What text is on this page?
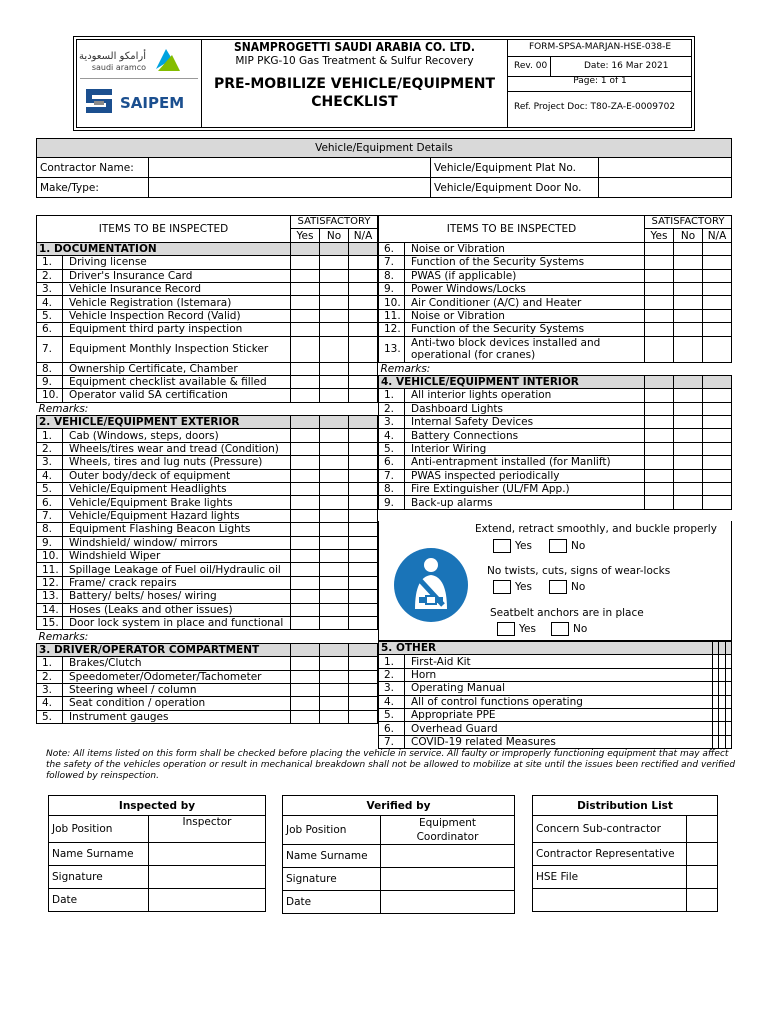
أرامكو السعودية
saudi aramco
SAIPEM
SNAMPROGETTI SAUDI ARABIA CO. LTD.
MIP PKG-10 Gas Treatment & Sulfur Recovery
PRE-MOBILIZE VEHICLE/EQUIPMENT
CHECKLIST
FORM-SPSA-MARJAN-HSE-038-E
Rev. 00	Date: 16 Mar 2021
Page: 1 of 1
Ref. Project Doc: T80-ZA-E-0009702
Vehicle/Equipment Details			
Contractor Name:		Vehicle/Equipment Plat No.	
Make/Type:		Vehicle/Equipment Door No.	
ITEMS TO BE INSPECTED		SATISFACTORY		
		Yes	No	N/A
1. DOCUMENTATION				
1.	Driving license			
2.	Driver's Insurance Card			
3.	Vehicle Insurance Record			
4.	Vehicle Registration (Istemara)			
5.	Vehicle Inspection Record (Valid)			
6.	Equipment third party inspection			
7.	Equipment Monthly Inspection Sticker			
8.	Ownership Certificate, Chamber			
9.	Equipment checklist available & filled			
10.	Operator valid SA certification			
Remarks:				
2. VEHICLE/EQUIPMENT EXTERIOR				
1.	Cab (Windows, steps, doors)			
2.	Wheels/tires wear and tread (Condition)			
3.	Wheels, tires and lug nuts (Pressure)			
4.	Outer body/deck of equipment			
5.	Vehicle/Equipment Headlights			
6.	Vehicle/Equipment Brake lights			
7.	Vehicle/Equipment Hazard lights			
8.	Equipment Flashing Beacon Lights			
9.	Windshield/ window/ mirrors			
10.	Windshield Wiper			
11.	Spillage Leakage of Fuel oil/Hydraulic oil			
12.	Frame/ crack repairs			
13.	Battery/ belts/ hoses/ wiring			
14.	Hoses (Leaks and other issues)			
15.	Door lock system in place and functional			
Remarks:				
3. DRIVER/OPERATOR COMPARTMENT				
1.	Brakes/Clutch			
2.	Speedometer/Odometer/Tachometer			
3.	Steering wheel / column			
4.	Seat condition / operation			
5.	Instrument gauges			
ITEMS TO BE INSPECTED		SATISFACTORY		
		Yes	No	N/A
6.	Noise or Vibration			
7.	Function of the Security Systems			
8.	PWAS (if applicable)			
9.	Power Windows/Locks			
10.	Air Conditioner (A/C) and Heater			
11.	Noise or Vibration			
12.	Function of the Security Systems			
13.	Anti-two block devices installed and operational (for cranes)			
Remarks:				
4. VEHICLE/EQUIPMENT INTERIOR				
1.	All interior lights operation			
2.	Dashboard Lights			
3.	Internal Safety Devices			
4.	Battery Connections			
5.	Interior Wiring			
6.	Anti-entrapment installed (for Manlift)			
7.	PWAS inspected periodically			
8.	Fire Extinguisher (UL/FM App.)			
9.	Back-up alarms			
Extend, retract smoothly, and buckle properly
Yes	No
No twists, cuts, signs of wear-locks
Yes	No
Seatbelt anchors are in place
Yes	No
5. OTHER				
1.	First-Aid Kit			
2.	Horn			
3.	Operating Manual			
4.	All of control functions operating			
5.	Appropriate PPE			
6.	Overhead Guard			
7.	COVID-19 related Measures			
Note: All items listed on this form shall be checked before placing the vehicle in service. All faulty or improperly functioning equipment that may affect the safety of the vehicles operation or result in mechanical breakdown shall not be allowed to mobilize at site until the issues been rectified and verified followed by reinspection.
Inspected by	
Job Position	Inspector
Name Surname	
Signature	
Date	
Verified by	
Job Position	Equipment Coordinator
Name Surname	
Signature	
Date	
Distribution List	
Concern Sub-contractor	
Contractor Representative	
HSE File	
